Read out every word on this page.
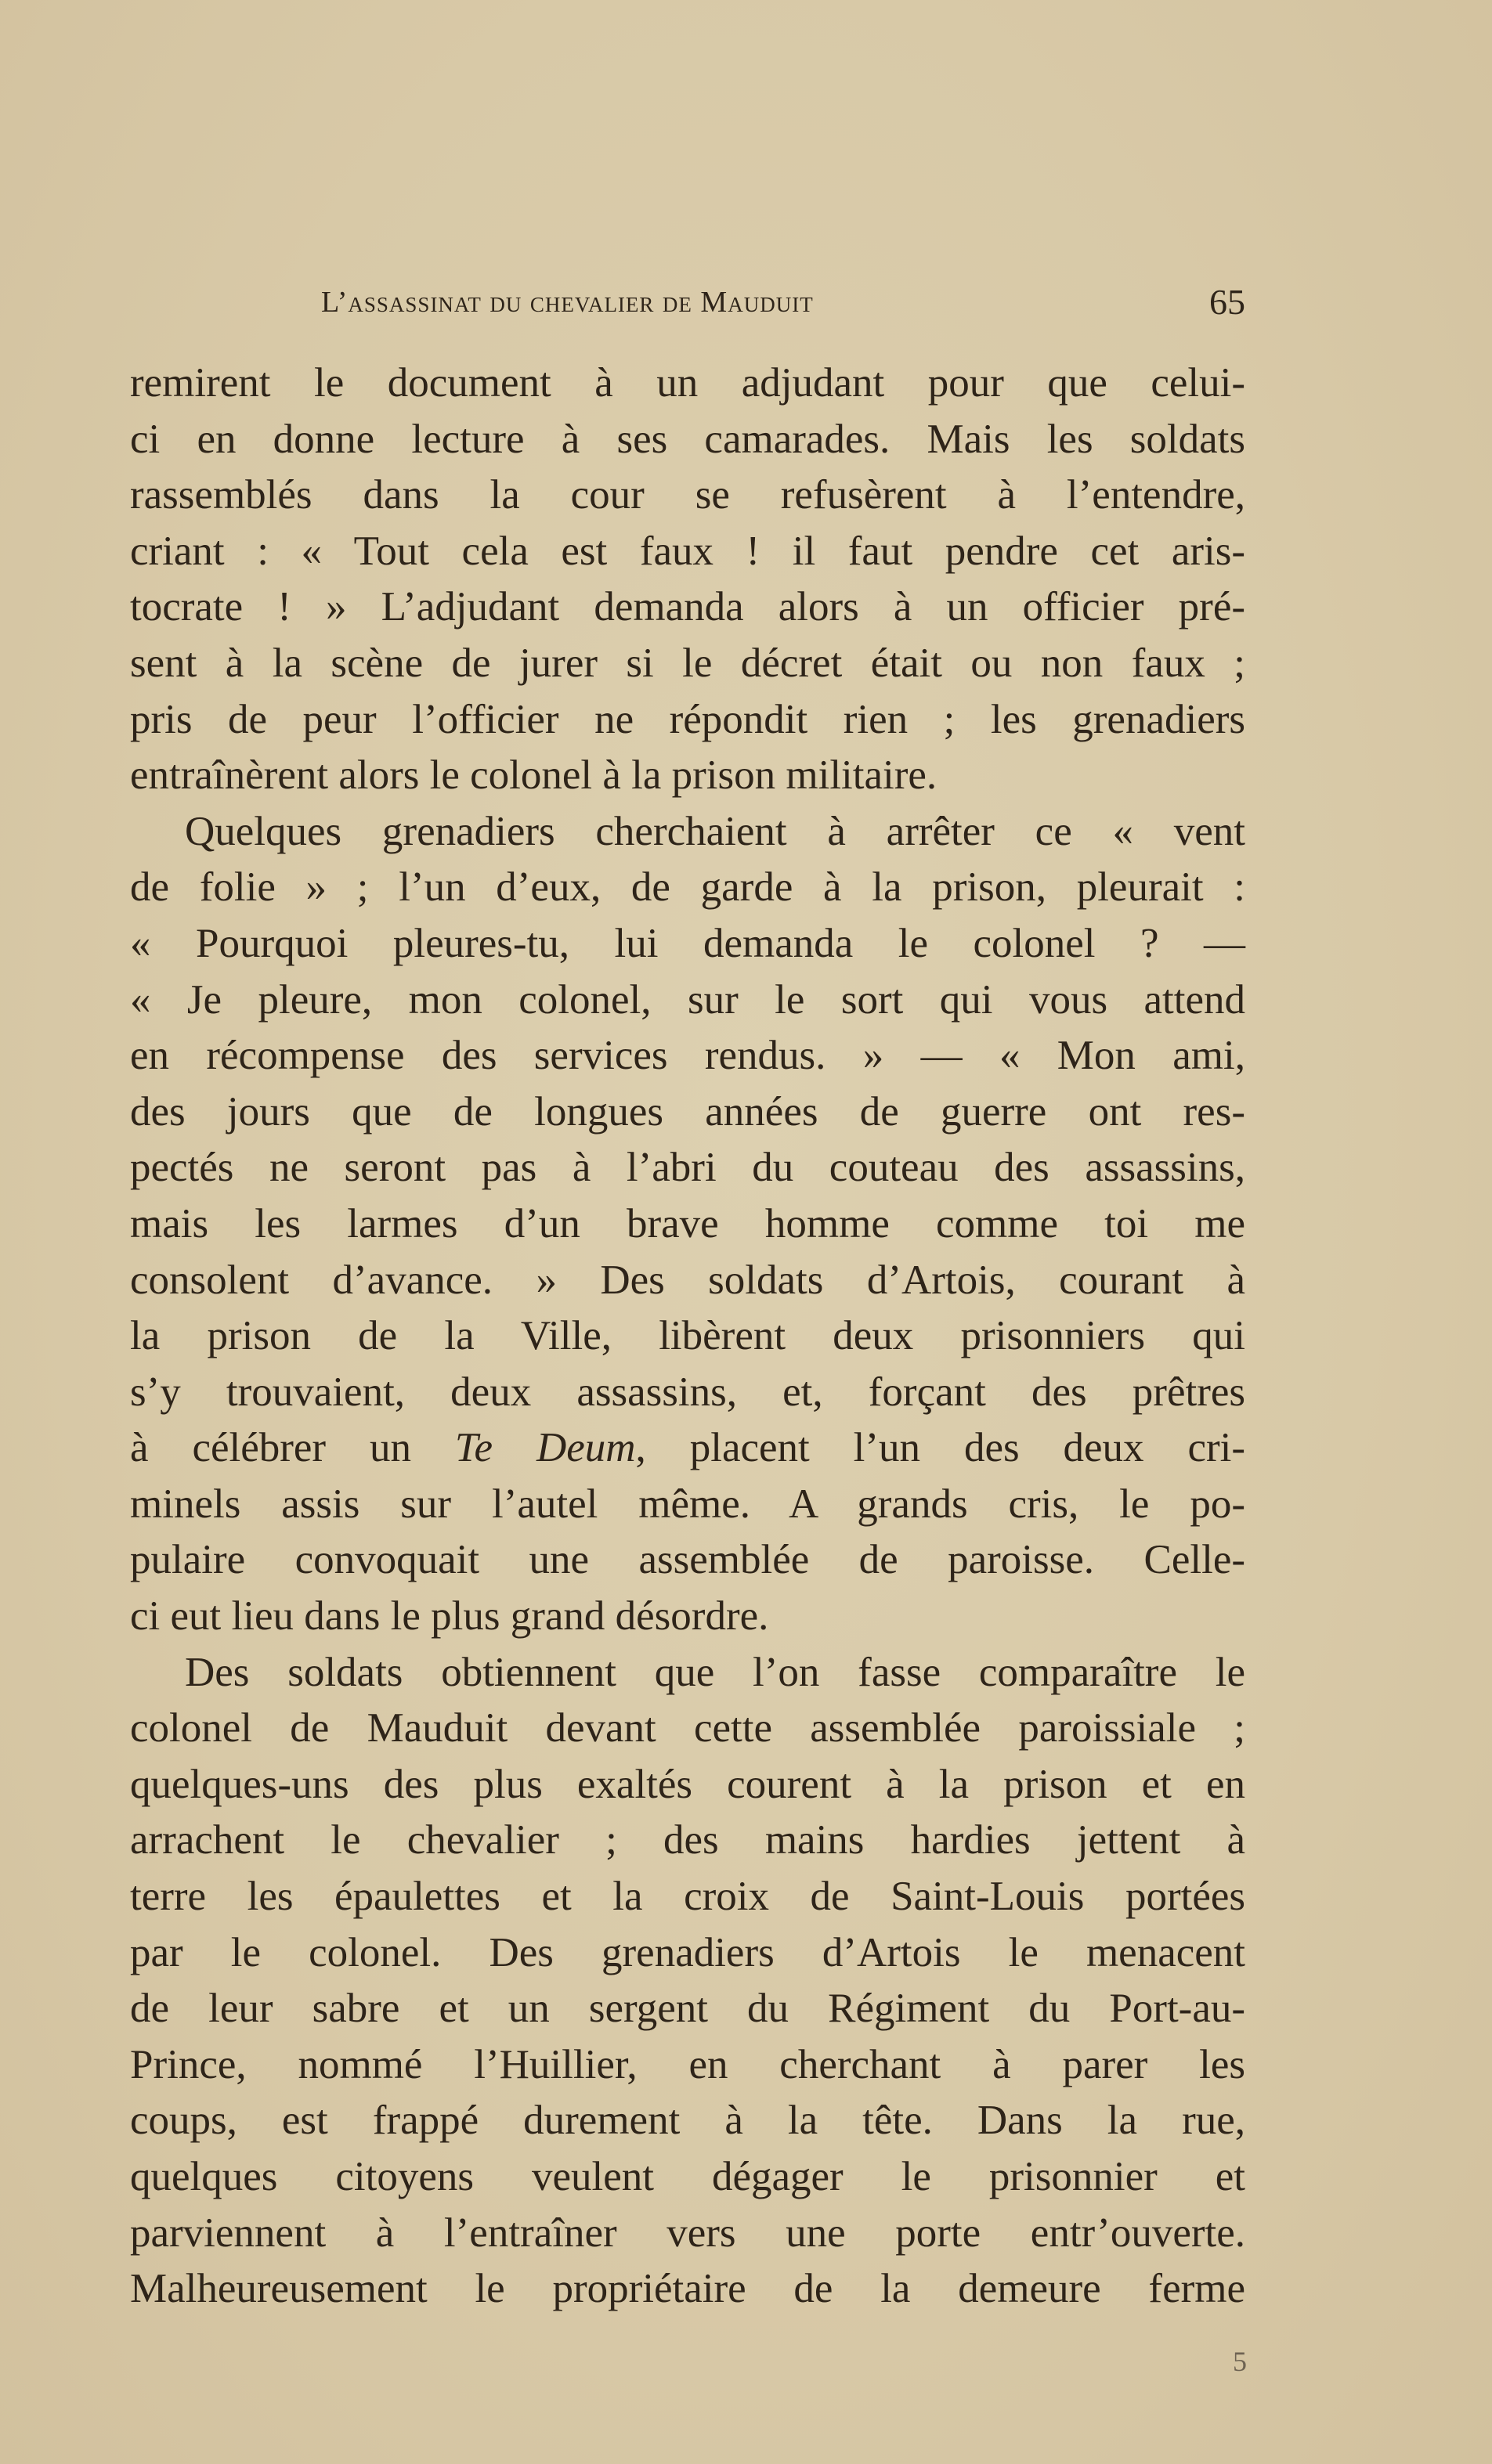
L’assassinat du chevalier de Mauduit	65
remirent le document à un adjudant pour que celui-
ci en donne lecture à ses camarades. Mais les soldats
rassemblés dans la cour se refusèrent à l’entendre,
criant : « Tout cela est faux ! il faut pendre cet aris-
tocrate ! » L’adjudant demanda alors à un officier pré-
sent à la scène de jurer si le décret était ou non faux ;
pris de peur l’officier ne répondit rien ; les grenadiers
entraînèrent alors le colonel à la prison militaire.
Quelques grenadiers cherchaient à arrêter ce « vent
de folie » ; l’un d’eux, de garde à la prison, pleurait :
« Pourquoi pleures-tu, lui demanda le colonel ? —
« Je pleure, mon colonel, sur le sort qui vous attend
en récompense des services rendus. » — « Mon ami,
des jours que de longues années de guerre ont res-
pectés ne seront pas à l’abri du couteau des assassins,
mais les larmes d’un brave homme comme toi me
consolent d’avance. » Des soldats d’Artois, courant à
la prison de la Ville, libèrent deux prisonniers qui
s’y trouvaient, deux assassins, et, forçant des prêtres
à célébrer un Te Deum, placent l’un des deux cri-
minels assis sur l’autel même. A grands cris, le po-
pulaire convoquait une assemblée de paroisse. Celle-
ci eut lieu dans le plus grand désordre.
Des soldats obtiennent que l’on fasse comparaître le
colonel de Mauduit devant cette assemblée paroissiale ;
quelques-uns des plus exaltés courent à la prison et en
arrachent le chevalier ; des mains hardies jettent à
terre les épaulettes et la croix de Saint-Louis portées
par le colonel. Des grenadiers d’Artois le menacent
de leur sabre et un sergent du Régiment du Port-au-
Prince, nommé l’Huillier, en cherchant à parer les
coups, est frappé durement à la tête. Dans la rue,
quelques citoyens veulent dégager le prisonnier et
parviennent à l’entraîner vers une porte entr’ouverte.
Malheureusement le propriétaire de la demeure ferme
5
